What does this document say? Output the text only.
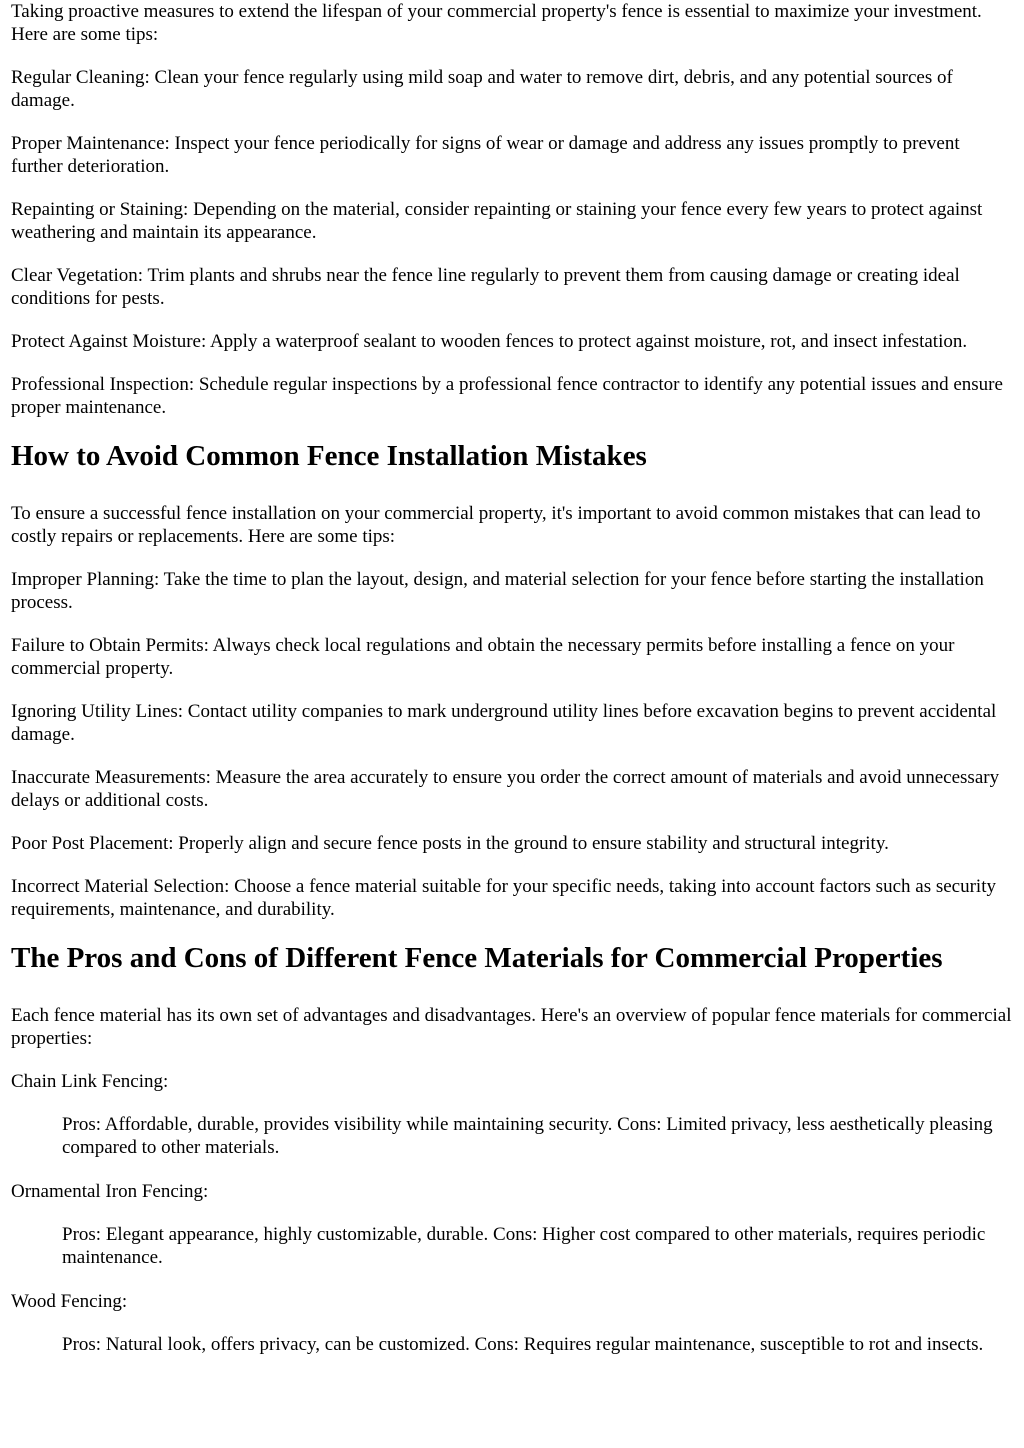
Taking proactive measures to extend the lifespan of your commercial property's fence is essential to maximize your investment. Here are some tips:

Regular Cleaning: Clean your fence regularly using mild soap and water to remove dirt, debris, and any potential sources of damage.

Proper Maintenance: Inspect your fence periodically for signs of wear or damage and address any issues promptly to prevent further deterioration.

Repainting or Staining: Depending on the material, consider repainting or staining your fence every few years to protect against weathering and maintain its appearance.

Clear Vegetation: Trim plants and shrubs near the fence line regularly to prevent them from causing damage or creating ideal conditions for pests.

Protect Against Moisture: Apply a waterproof sealant to wooden fences to protect against moisture, rot, and insect infestation.

Professional Inspection: Schedule regular inspections by a professional fence contractor to identify any potential issues and ensure proper maintenance.

How to Avoid Common Fence Installation Mistakes

To ensure a successful fence installation on your commercial property, it's important to avoid common mistakes that can lead to costly repairs or replacements. Here are some tips:

Improper Planning: Take the time to plan the layout, design, and material selection for your fence before starting the installation process.

Failure to Obtain Permits: Always check local regulations and obtain the necessary permits before installing a fence on your commercial property.

Ignoring Utility Lines: Contact utility companies to mark underground utility lines before excavation begins to prevent accidental damage.

Inaccurate Measurements: Measure the area accurately to ensure you order the correct amount of materials and avoid unnecessary delays or additional costs.

Poor Post Placement: Properly align and secure fence posts in the ground to ensure stability and structural integrity.

Incorrect Material Selection: Choose a fence material suitable for your specific needs, taking into account factors such as security requirements, maintenance, and durability.

The Pros and Cons of Different Fence Materials for Commercial Properties

Each fence material has its own set of advantages and disadvantages. Here's an overview of popular fence materials for commercial properties:

Chain Link Fencing:

Pros: Affordable, durable, provides visibility while maintaining security. Cons: Limited privacy, less aesthetically pleasing compared to other materials.

Ornamental Iron Fencing:

Pros: Elegant appearance, highly customizable, durable. Cons: Higher cost compared to other materials, requires periodic maintenance.

Wood Fencing:

Pros: Natural look, offers privacy, can be customized. Cons: Requires regular maintenance, susceptible to rot and insects.
